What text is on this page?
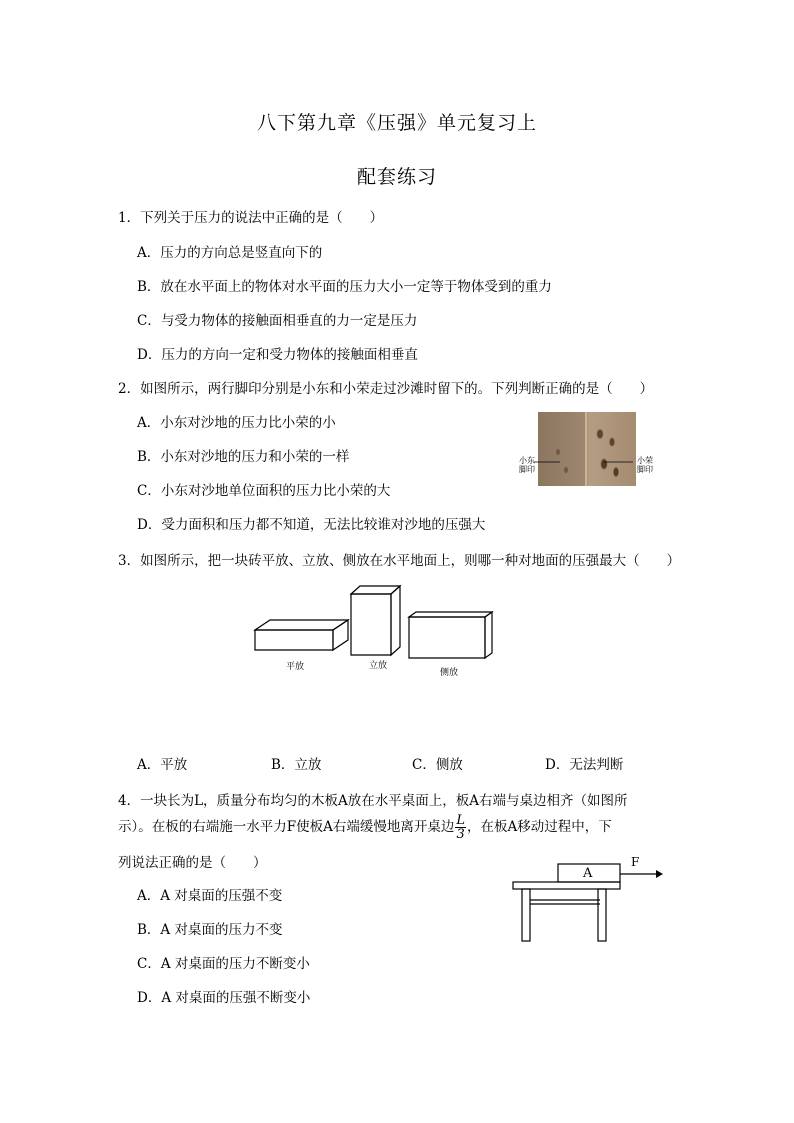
八下第九章《压强》单元复习上
配套练习
1．下列关于压力的说法中正确的是（　　）
A．压力的方向总是竖直向下的
B．放在水平面上的物体对水平面的压力大小一定等于物体受到的重力
C．与受力物体的接触面相垂直的力一定是压力
D．压力的方向一定和受力物体的接触面相垂直
2．如图所示，两行脚印分别是小东和小荣走过沙滩时留下的。下列判断正确的是（　　）
A．小东对沙地的压力比小荣的小
B．小东对沙地的压力和小荣的一样
C．小东对沙地单位面积的压力比小荣的大
D．受力面积和压力都不知道，无法比较谁对沙地的压强大
小东
脚印
小荣
脚印
3．如图所示，把一块砖平放、立放、侧放在水平地面上，则哪一种对地面的压强最大（　　）
平放	立放
侧放
A．平放	B．立放	C．侧放	D．无法判断
4．一块长为L，质量分布均匀的木板A放在水平桌面上，板A右端与桌边相齐（如图所
示）。在板的右端施一水平力F使板A右端缓慢地离开桌边 $\frac{L}{3}$ ，在板A移动过程中，下
列说法正确的是（　　）
A
F
A．A 对桌面的压强不变
B．A 对桌面的压力不变
C．A 对桌面的压力不断变小
D．A 对桌面的压强不断变小
